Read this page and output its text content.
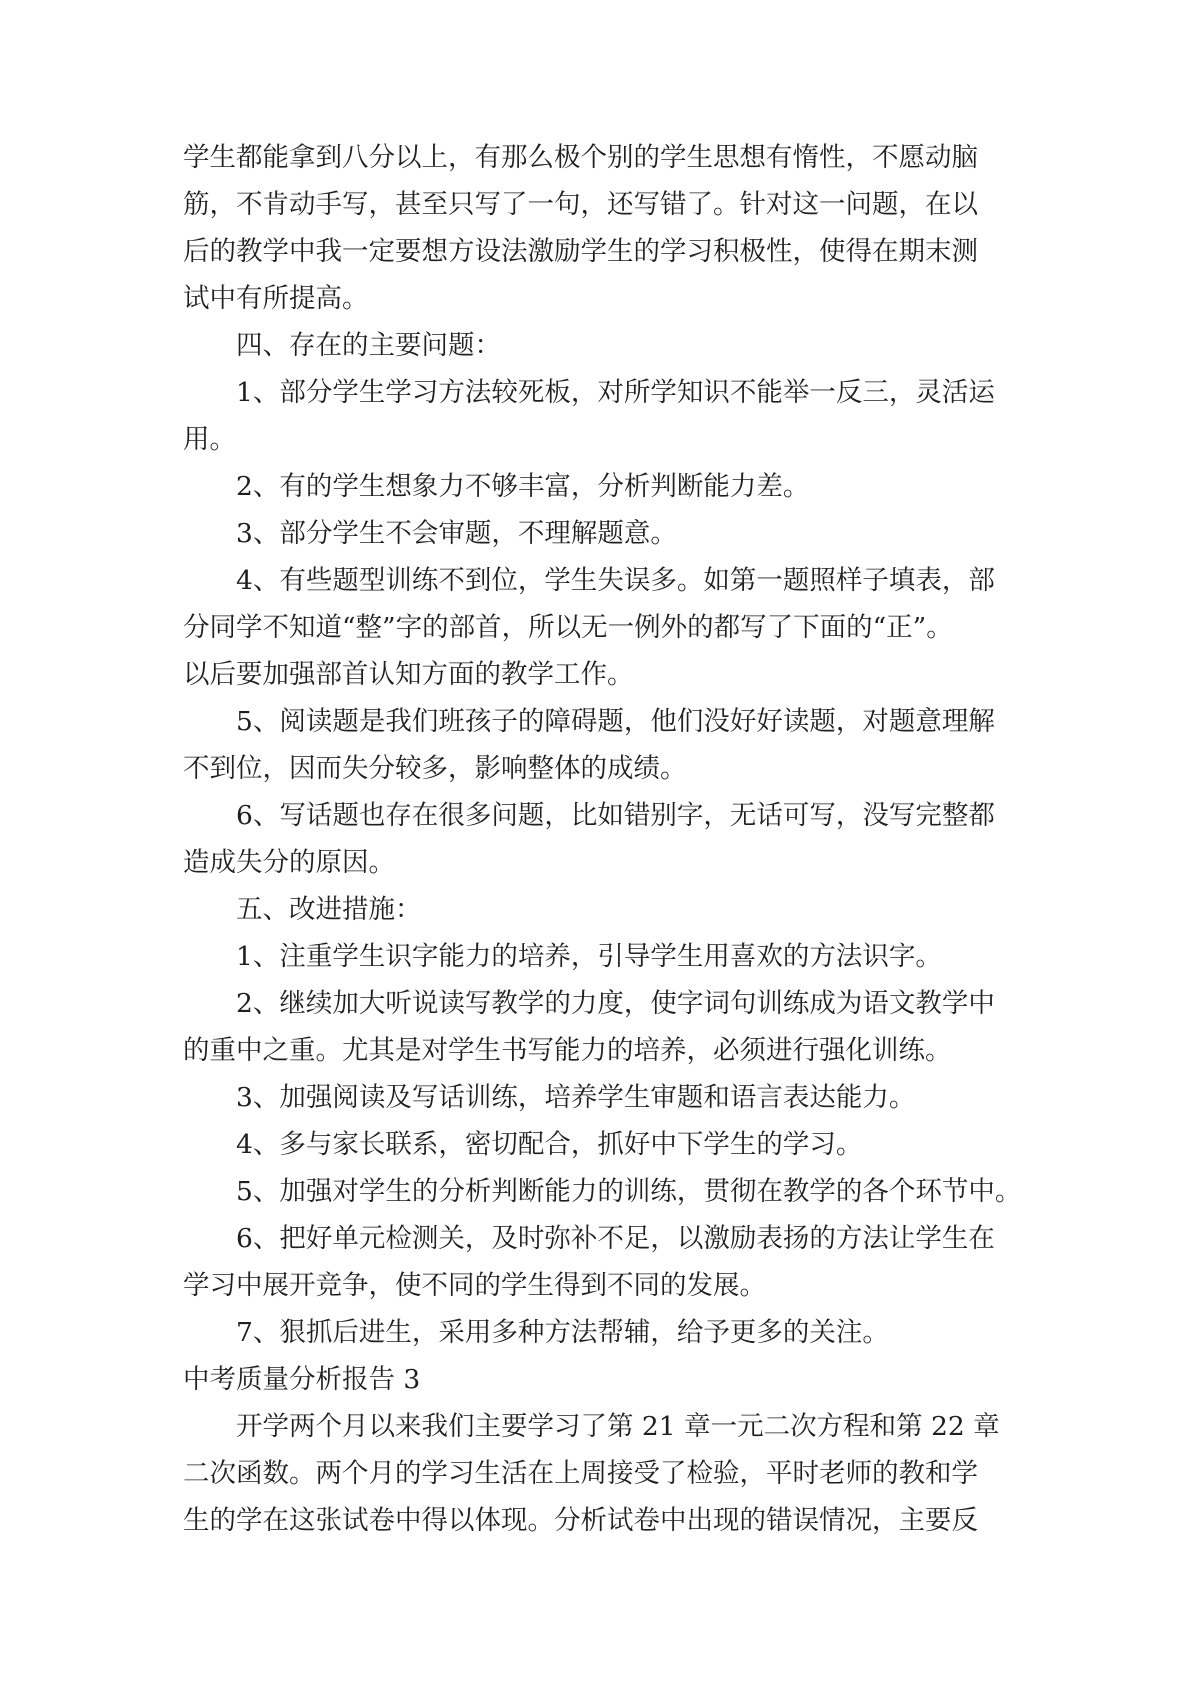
学生都能拿到八分以上，有那么极个别的学生思想有惰性，不愿动脑
筋，不肯动手写，甚至只写了一句，还写错了。针对这一问题，在以
后的教学中我一定要想方设法激励学生的学习积极性，使得在期末测
试中有所提高。
四、存在的主要问题：
1、部分学生学习方法较死板，对所学知识不能举一反三，灵活运
用。
2、有的学生想象力不够丰富，分析判断能力差。
3、部分学生不会审题，不理解题意。
4、有些题型训练不到位，学生失误多。如第一题照样子填表，部
分同学不知道“整”字的部首，所以无一例外的都写了下面的“正”。
以后要加强部首认知方面的教学工作。
5、阅读题是我们班孩子的障碍题，他们没好好读题，对题意理解
不到位，因而失分较多，影响整体的成绩。
6、写话题也存在很多问题，比如错别字，无话可写，没写完整都
造成失分的原因。
五、改进措施：
1、注重学生识字能力的培养，引导学生用喜欢的方法识字。
2、继续加大听说读写教学的力度，使字词句训练成为语文教学中
的重中之重。尤其是对学生书写能力的培养，必须进行强化训练。
3、加强阅读及写话训练，培养学生审题和语言表达能力。
4、多与家长联系，密切配合，抓好中下学生的学习。
5、加强对学生的分析判断能力的训练，贯彻在教学的各个环节中。
6、把好单元检测关，及时弥补不足，以激励表扬的方法让学生在
学习中展开竞争，使不同的学生得到不同的发展。
7、狠抓后进生，采用多种方法帮辅，给予更多的关注。
中考质量分析报告 3
开学两个月以来我们主要学习了第 21 章一元二次方程和第 22 章
二次函数。两个月的学习生活在上周接受了检验，平时老师的教和学
生的学在这张试卷中得以体现。分析试卷中出现的错误情况，主要反
